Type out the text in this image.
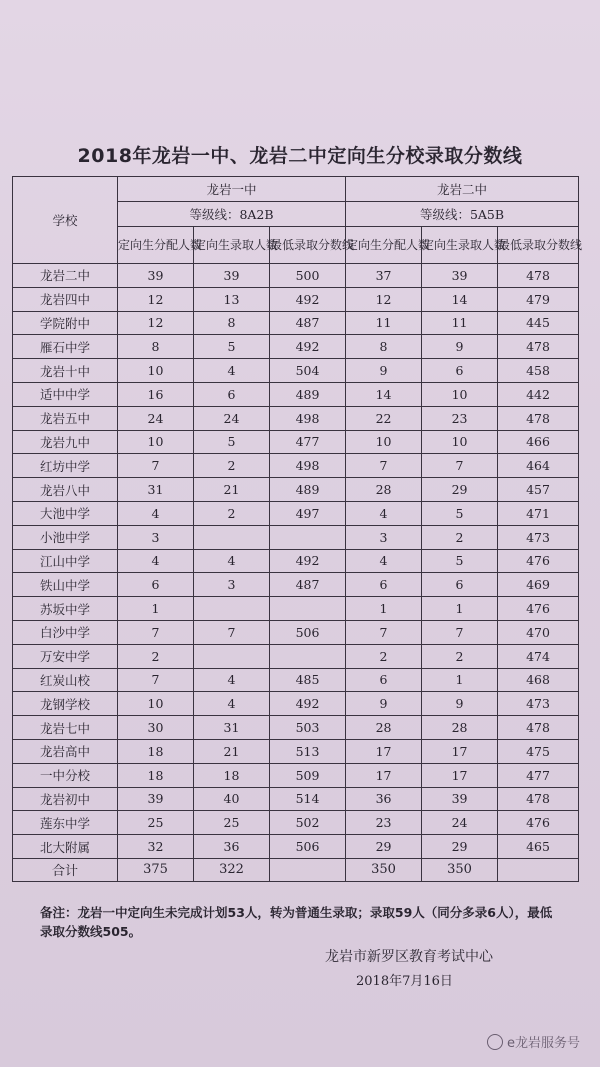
2018年龙岩一中、龙岩二中定向生分校录取分数线
学校	龙岩一中			龙岩二中		
	等级线：8A2B			等级线：5A5B		
	定向生分配人数	定向生录取人数	最低录取分数线	定向生分配人数	定向生录取人数	最低录取分数线
龙岩二中	39	39	500	37	39	478
龙岩四中	12	13	492	12	14	479
学院附中	12	8	487	11	11	445
雁石中学	8	5	492	8	9	478
龙岩十中	10	4	504	9	6	458
适中中学	16	6	489	14	10	442
龙岩五中	24	24	498	22	23	478
龙岩九中	10	5	477	10	10	466
红坊中学	7	2	498	7	7	464
龙岩八中	31	21	489	28	29	457
大池中学	4	2	497	4	5	471
小池中学	3			3	2	473
江山中学	4	4	492	4	5	476
铁山中学	6	3	487	6	6	469
苏坂中学	1			1	1	476
白沙中学	7	7	506	7	7	470
万安中学	2			2	2	474
红炭山校	7	4	485	6	1	468
龙钢学校	10	4	492	9	9	473
龙岩七中	30	31	503	28	28	478
龙岩高中	18	21	513	17	17	475
一中分校	18	18	509	17	17	477
龙岩初中	39	40	514	36	39	478
莲东中学	25	25	502	23	24	476
北大附属	32	36	506	29	29	465
合计	375	322		350	350	
备注：龙岩一中定向生未完成计划53人，转为普通生录取；录取59人（同分多录6人），最低录取分数线505。
龙岩市新罗区教育考试中心
2018年7月16日
e龙岩服务号
